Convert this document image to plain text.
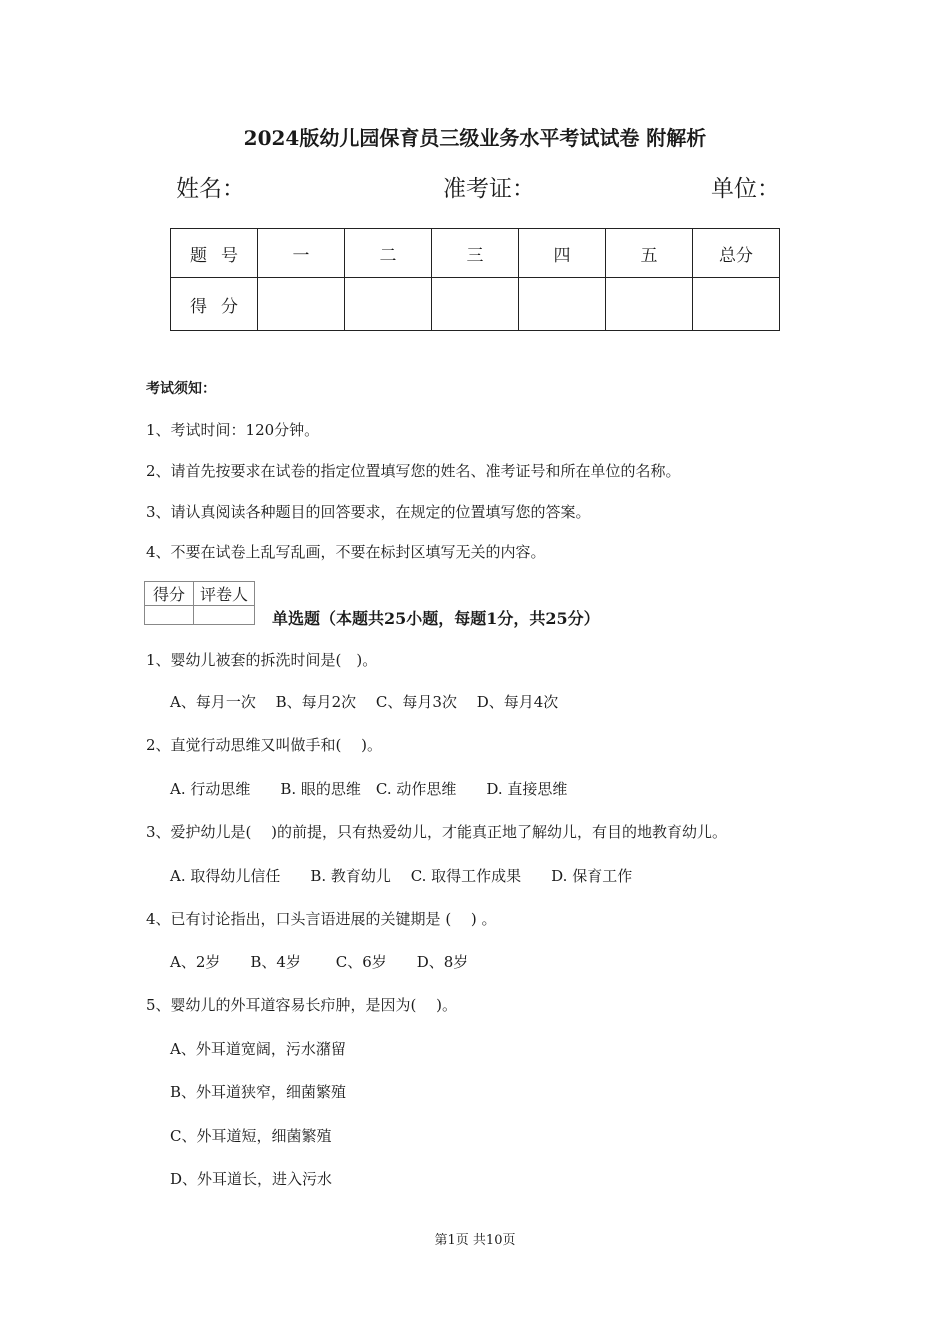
2024版幼儿园保育员三级业务水平考试试卷 附解析
姓名：	准考证：	单位：
题号	一	二	三	四	五	总分
得分						
考试须知：
1、考试时间：120分钟。
2、请首先按要求在试卷的指定位置填写您的姓名、准考证号和所在单位的名称。
3、请认真阅读各种题目的回答要求，在规定的位置填写您的答案。
4、不要在试卷上乱写乱画，不要在标封区填写无关的内容。
得分	评卷人

单选题（本题共25小题，每题1分，共25分）
1、婴幼儿被套的拆洗时间是(　)。
A、每月一次　 B、每月2次　 C、每月3次　 D、每月4次
2、直觉行动思维又叫做手和(　 )。
A. 行动思维　　B. 眼的思维　C. 动作思维　　D. 直接思维
3、爱护幼儿是(　 )的前提，只有热爱幼儿，才能真正地了解幼儿，有目的地教育幼儿。
A. 取得幼儿信任　　B. 教育幼儿　 C. 取得工作成果　　D. 保育工作
4、已有讨论指出，口头言语进展的关键期是 (　 ) 。
A、2岁　　B、4岁　　 C、6岁　　D、8岁
5、婴幼儿的外耳道容易长疖肿，是因为(　 )。
A、外耳道宽阔，污水潴留
B、外耳道狭窄，细菌繁殖
C、外耳道短，细菌繁殖
D、外耳道长，进入污水
第1页 共10页
